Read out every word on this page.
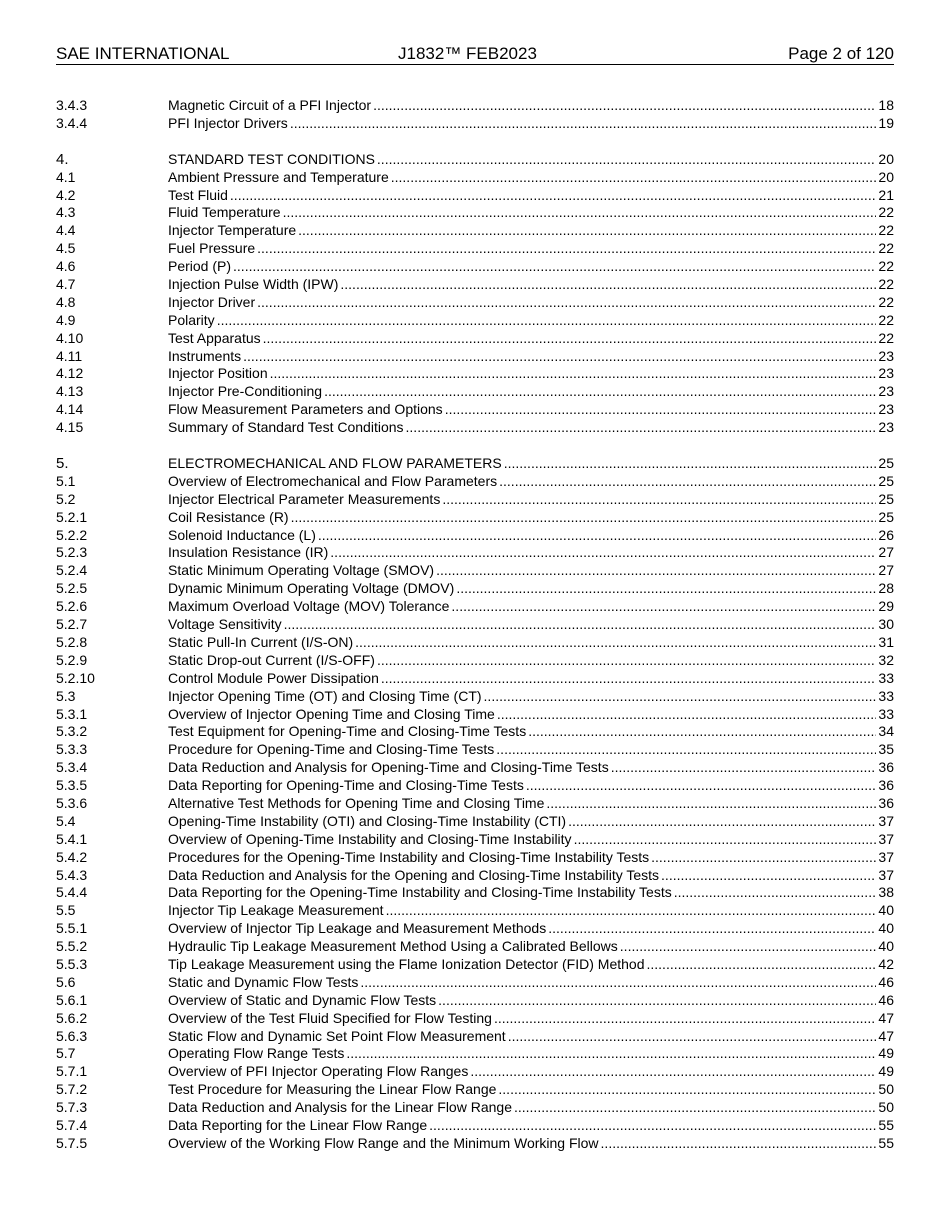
SAE INTERNATIONAL	J1832™ FEB2023	Page 2 of 120
3.4.3	Magnetic Circuit of a PFI Injector .....	18
3.4.4	PFI Injector Drivers .....	19
4.	STANDARD TEST CONDITIONS .....	20
4.1	Ambient Pressure and Temperature .....	20
4.2	Test Fluid .....	21
4.3	Fluid Temperature .....	22
4.4	Injector Temperature .....	22
4.5	Fuel Pressure .....	22
4.6	Period (P) .....	22
4.7	Injection Pulse Width (IPW) .....	22
4.8	Injector Driver .....	22
4.9	Polarity .....	22
4.10	Test Apparatus .....	22
4.11	Instruments .....	23
4.12	Injector Position .....	23
4.13	Injector Pre-Conditioning .....	23
4.14	Flow Measurement Parameters and Options .....	23
4.15	Summary of Standard Test Conditions .....	23
5.	ELECTROMECHANICAL AND FLOW PARAMETERS .....	25
5.1	Overview of Electromechanical and Flow Parameters .....	25
5.2	Injector Electrical Parameter Measurements .....	25
5.2.1	Coil Resistance (R) .....	25
5.2.2	Solenoid Inductance (L) .....	26
5.2.3	Insulation Resistance (IR) .....	27
5.2.4	Static Minimum Operating Voltage (SMOV) .....	27
5.2.5	Dynamic Minimum Operating Voltage (DMOV) .....	28
5.2.6	Maximum Overload Voltage (MOV) Tolerance .....	29
5.2.7	Voltage Sensitivity .....	30
5.2.8	Static Pull-In Current (I/S-ON) .....	31
5.2.9	Static Drop-out Current (I/S-OFF) .....	32
5.2.10	Control Module Power Dissipation .....	33
5.3	Injector Opening Time (OT) and Closing Time (CT) .....	33
5.3.1	Overview of Injector Opening Time and Closing Time .....	33
5.3.2	Test Equipment for Opening-Time and Closing-Time Tests .....	34
5.3.3	Procedure for Opening-Time and Closing-Time Tests .....	35
5.3.4	Data Reduction and Analysis for Opening-Time and Closing-Time Tests .....	36
5.3.5	Data Reporting for Opening-Time and Closing-Time Tests .....	36
5.3.6	Alternative Test Methods for Opening Time and Closing Time .....	36
5.4	Opening-Time Instability (OTI) and Closing-Time Instability (CTI) .....	37
5.4.1	Overview of Opening-Time Instability and Closing-Time Instability .....	37
5.4.2	Procedures for the Opening-Time Instability and Closing-Time Instability Tests .....	37
5.4.3	Data Reduction and Analysis for the Opening and Closing-Time Instability Tests .....	37
5.4.4	Data Reporting for the Opening-Time Instability and Closing-Time Instability Tests .....	38
5.5	Injector Tip Leakage Measurement .....	40
5.5.1	Overview of Injector Tip Leakage and Measurement Methods .....	40
5.5.2	Hydraulic Tip Leakage Measurement Method Using a Calibrated Bellows .....	40
5.5.3	Tip Leakage Measurement using the Flame Ionization Detector (FID) Method .....	42
5.6	Static and Dynamic Flow Tests .....	46
5.6.1	Overview of Static and Dynamic Flow Tests .....	46
5.6.2	Overview of the Test Fluid Specified for Flow Testing .....	47
5.6.3	Static Flow and Dynamic Set Point Flow Measurement .....	47
5.7	Operating Flow Range Tests .....	49
5.7.1	Overview of PFI Injector Operating Flow Ranges .....	49
5.7.2	Test Procedure for Measuring the Linear Flow Range .....	50
5.7.3	Data Reduction and Analysis for the Linear Flow Range .....	50
5.7.4	Data Reporting for the Linear Flow Range .....	55
5.7.5	Overview of the Working Flow Range and the Minimum Working Flow .....	55
